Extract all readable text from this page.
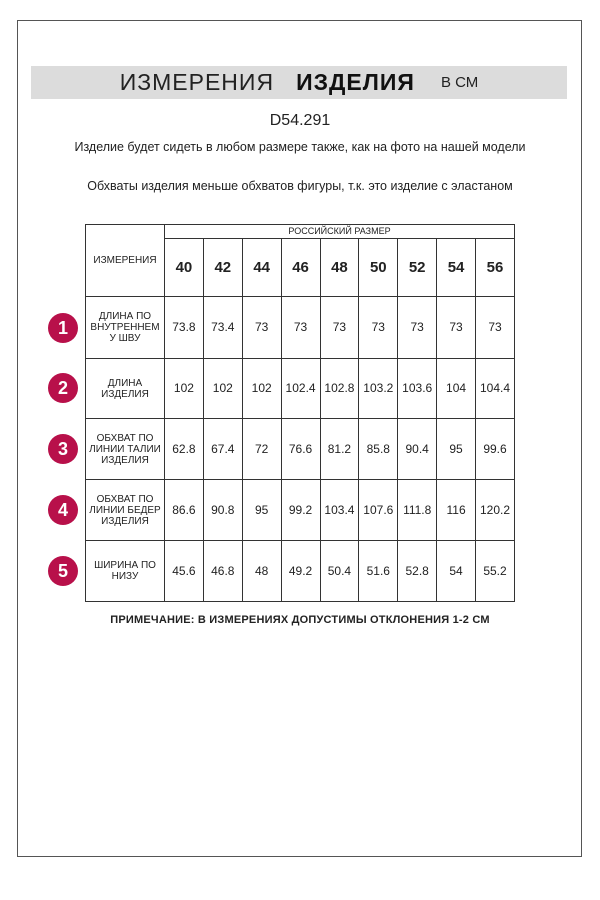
ИЗМЕРЕНИЯ ИЗДЕЛИЯ В СМ
D54.291
Изделие будет сидеть в любом размере также, как на фото на нашей модели
Обхваты изделия меньше обхватов фигуры, т.к. это изделие с эластаном
ИЗМЕРЕНИЯ	РОССИЙСКИЙ РАЗМЕР								
	40	42	44	46	48	50	52	54	56
ДЛИНА ПО ВНУТРЕННЕМ У ШВУ	73.8	73.4	73	73	73	73	73	73	73
ДЛИНА ИЗДЕЛИЯ	102	102	102	102.4	102.8	103.2	103.6	104	104.4
ОБХВАТ ПО ЛИНИИ ТАЛИИ ИЗДЕЛИЯ	62.8	67.4	72	76.6	81.2	85.8	90.4	95	99.6
ОБХВАТ ПО ЛИНИИ БЕДЕР ИЗДЕЛИЯ	86.6	90.8	95	99.2	103.4	107.6	111.8	116	120.2
ШИРИНА ПО НИЗУ	45.6	46.8	48	49.2	50.4	51.6	52.8	54	55.2
1
2
3
4
5
ПРИМЕЧАНИЕ: В ИЗМЕРЕНИЯХ ДОПУСТИМЫ ОТКЛОНЕНИЯ 1-2 СМ
